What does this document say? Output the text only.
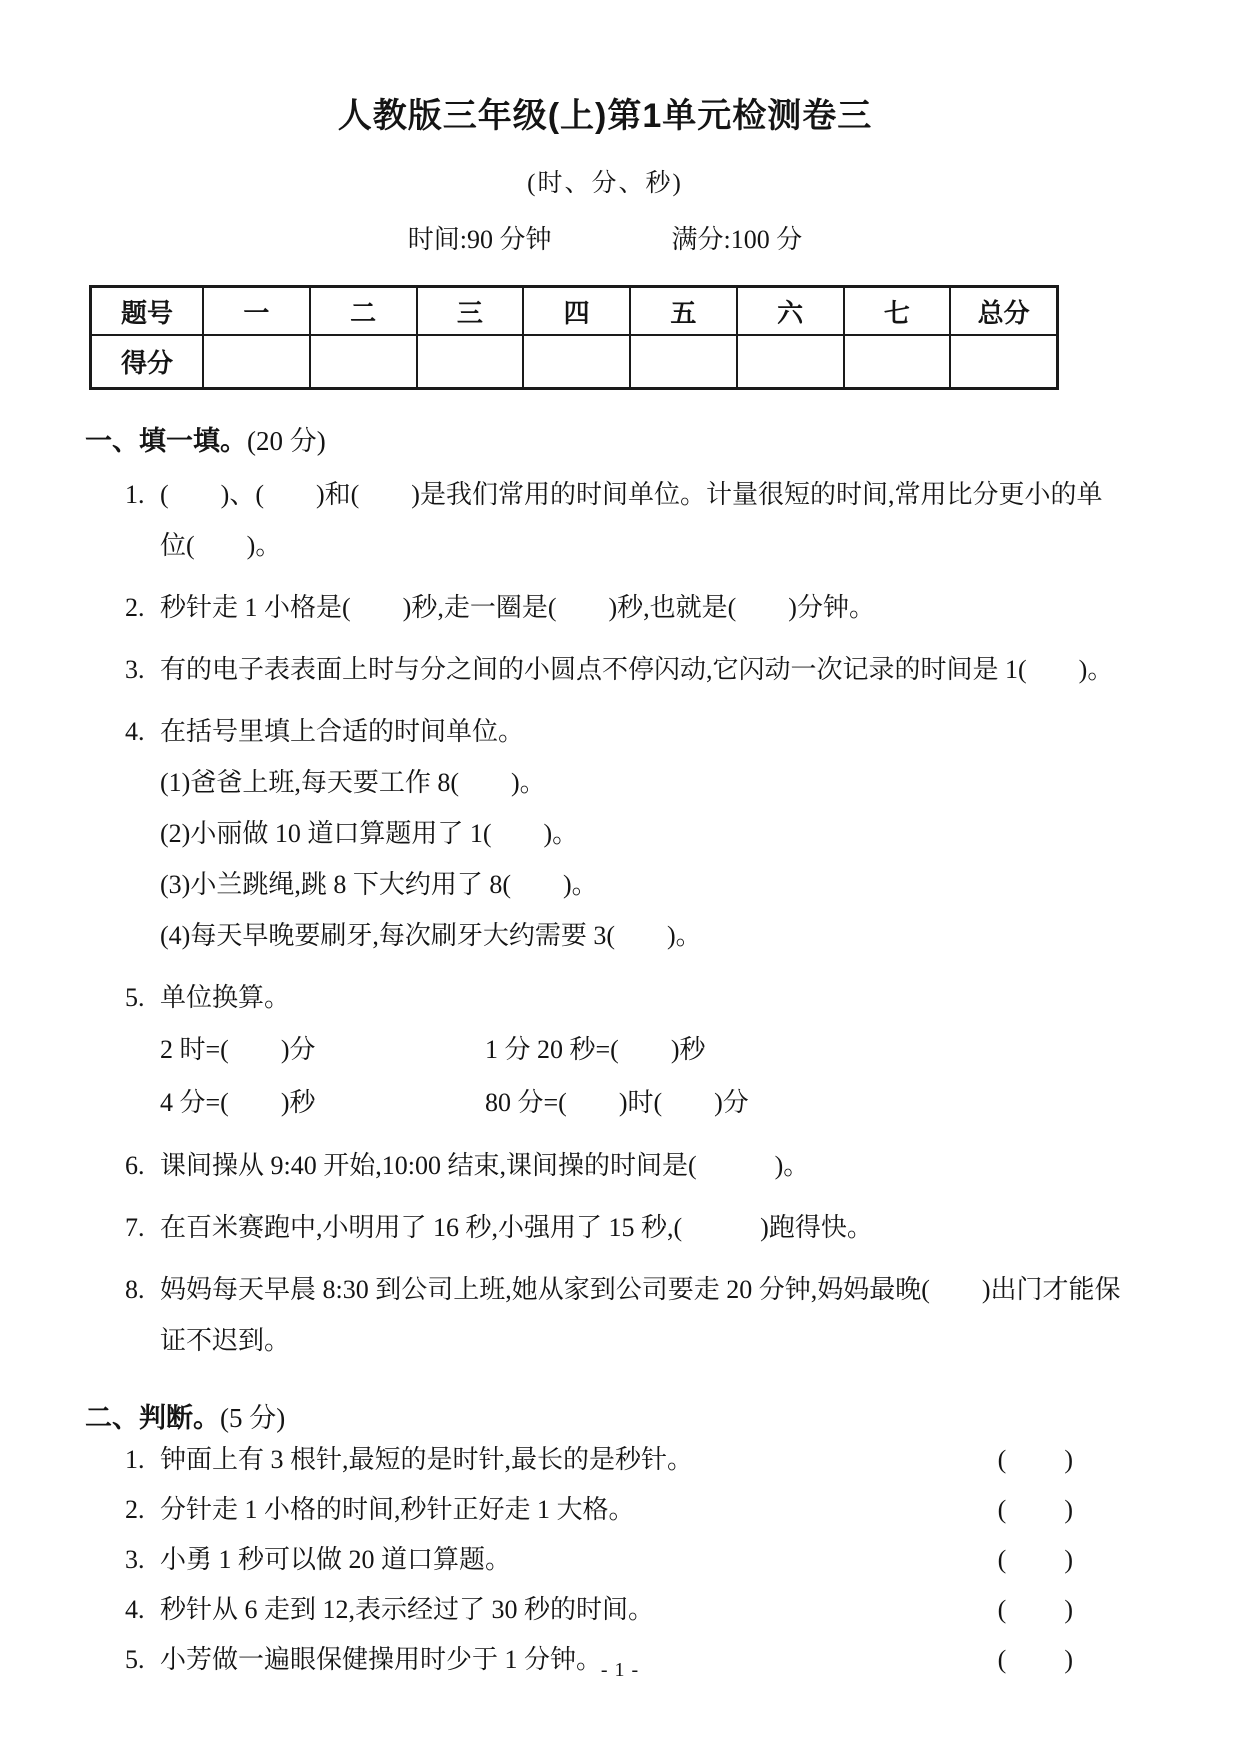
人教版三年级(上)第1单元检测卷三
(时、分、秒)
时间:90 分钟	满分:100 分
题号	一	二	三	四	五	六	七	总分
得分								
一、填一填。(20 分)
1. (　　)、(　　)和(　　)是我们常用的时间单位。计量很短的时间,常用比分更小的单位(　　)。
2. 秒针走 1 小格是(　　)秒,走一圈是(　　)秒,也就是(　　)分钟。
3. 有的电子表表面上时与分之间的小圆点不停闪动,它闪动一次记录的时间是 1(　　)。
4. 在括号里填上合适的时间单位。
(1)爸爸上班,每天要工作 8(　　)。
(2)小丽做 10 道口算题用了 1(　　)。
(3)小兰跳绳,跳 8 下大约用了 8(　　)。
(4)每天早晚要刷牙,每次刷牙大约需要 3(　　)。
5. 单位换算。
2 时=(　　)分	1 分 20 秒=(　　)秒
4 分=(　　)秒	80 分=(　　)时(　　)分
6. 课间操从 9:40 开始,10:00 结束,课间操的时间是(　　　)。
7. 在百米赛跑中,小明用了 16 秒,小强用了 15 秒,(　　　)跑得快。
8. 妈妈每天早晨 8:30 到公司上班,她从家到公司要走 20 分钟,妈妈最晚(　　)出门才能保证不迟到。
二、判断。(5 分)
1. 钟面上有 3 根针,最短的是时针,最长的是秒针。	(　　)
2. 分针走 1 小格的时间,秒针正好走 1 大格。	(　　)
3. 小勇 1 秒可以做 20 道口算题。	(　　)
4. 秒针从 6 走到 12,表示经过了 30 秒的时间。	(　　)
5. 小芳做一遍眼保健操用时少于 1 分钟。	(　　)
- 1 -
